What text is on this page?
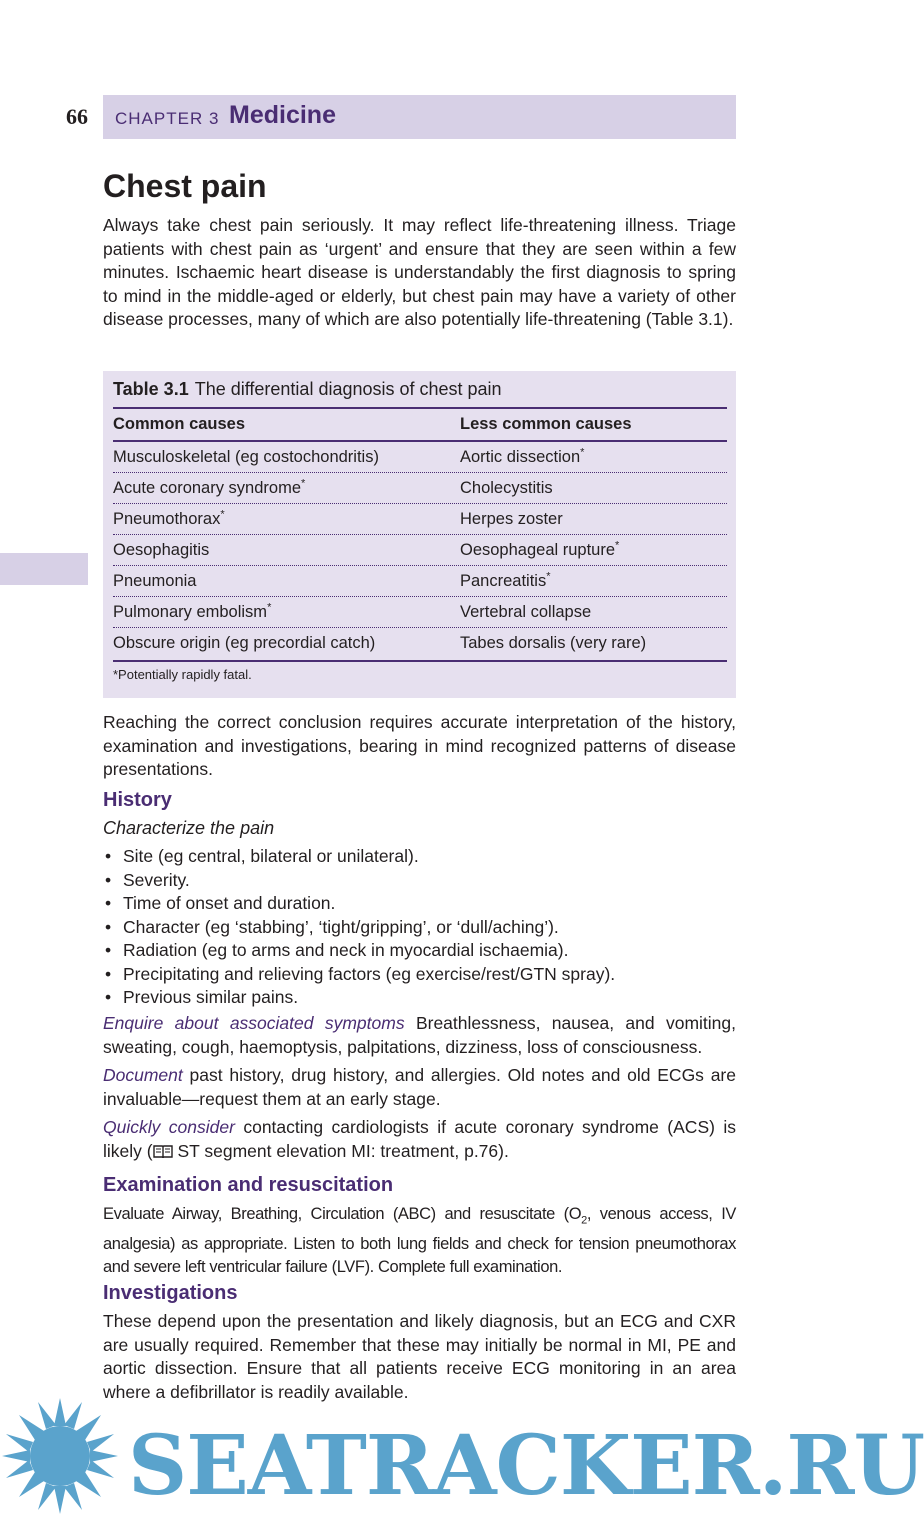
66 CHAPTER 3 Medicine
Chest pain

Always take chest pain seriously. It may reflect life-threatening illness. Triage patients with chest pain as ‘urgent’ and ensure that they are seen within a few minutes. Ischaemic heart disease is understandably the first diagnosis to spring to mind in the middle-aged or elderly, but chest pain may have a variety of other disease processes, many of which are also potentially life-threatening (Table 3.1).

Table 3.1 The differential diagnosis of chest pain
Common causes	Less common causes
Musculoskeletal (eg costochondritis)	Aortic dissection*
Acute coronary syndrome*	Cholecystitis
Pneumothorax*	Herpes zoster
Oesophagitis	Oesophageal rupture*
Pneumonia	Pancreatitis*
Pulmonary embolism*	Vertebral collapse
Obscure origin (eg precordial catch)	Tabes dorsalis (very rare)
*Potentially rapidly fatal.

Reaching the correct conclusion requires accurate interpretation of the history, examination and investigations, bearing in mind recognized patterns of disease presentations.

History
Characterize the pain
• Site (eg central, bilateral or unilateral).
• Severity.
• Time of onset and duration.
• Character (eg ‘stabbing’, ‘tight/gripping’, or ‘dull/aching’).
• Radiation (eg to arms and neck in myocardial ischaemia).
• Precipitating and relieving factors (eg exercise/rest/GTN spray).
• Previous similar pains.

Enquire about associated symptoms Breathlessness, nausea, and vomiting, sweating, cough, haemoptysis, palpitations, dizziness, loss of consciousness.

Document past history, drug history, and allergies. Old notes and old ECGs are invaluable—request them at an early stage.

Quickly consider contacting cardiologists if acute coronary syndrome (ACS) is likely ( ST segment elevation MI: treatment, p.76).

Examination and resuscitation

Evaluate Airway, Breathing, Circulation (ABC) and resuscitate ($O_2$, venous access, IV analgesia) as appropriate. Listen to both lung fields and check for tension pneumothorax and severe left ventricular failure (LVF). Complete full examination.

Investigations

These depend upon the presentation and likely diagnosis, but an ECG and CXR are usually required. Remember that these may initially be normal in MI, PE and aortic dissection. Ensure that all patients receive ECG monitoring in an area where a defibrillator is readily available.

SEATRACKER.RU
